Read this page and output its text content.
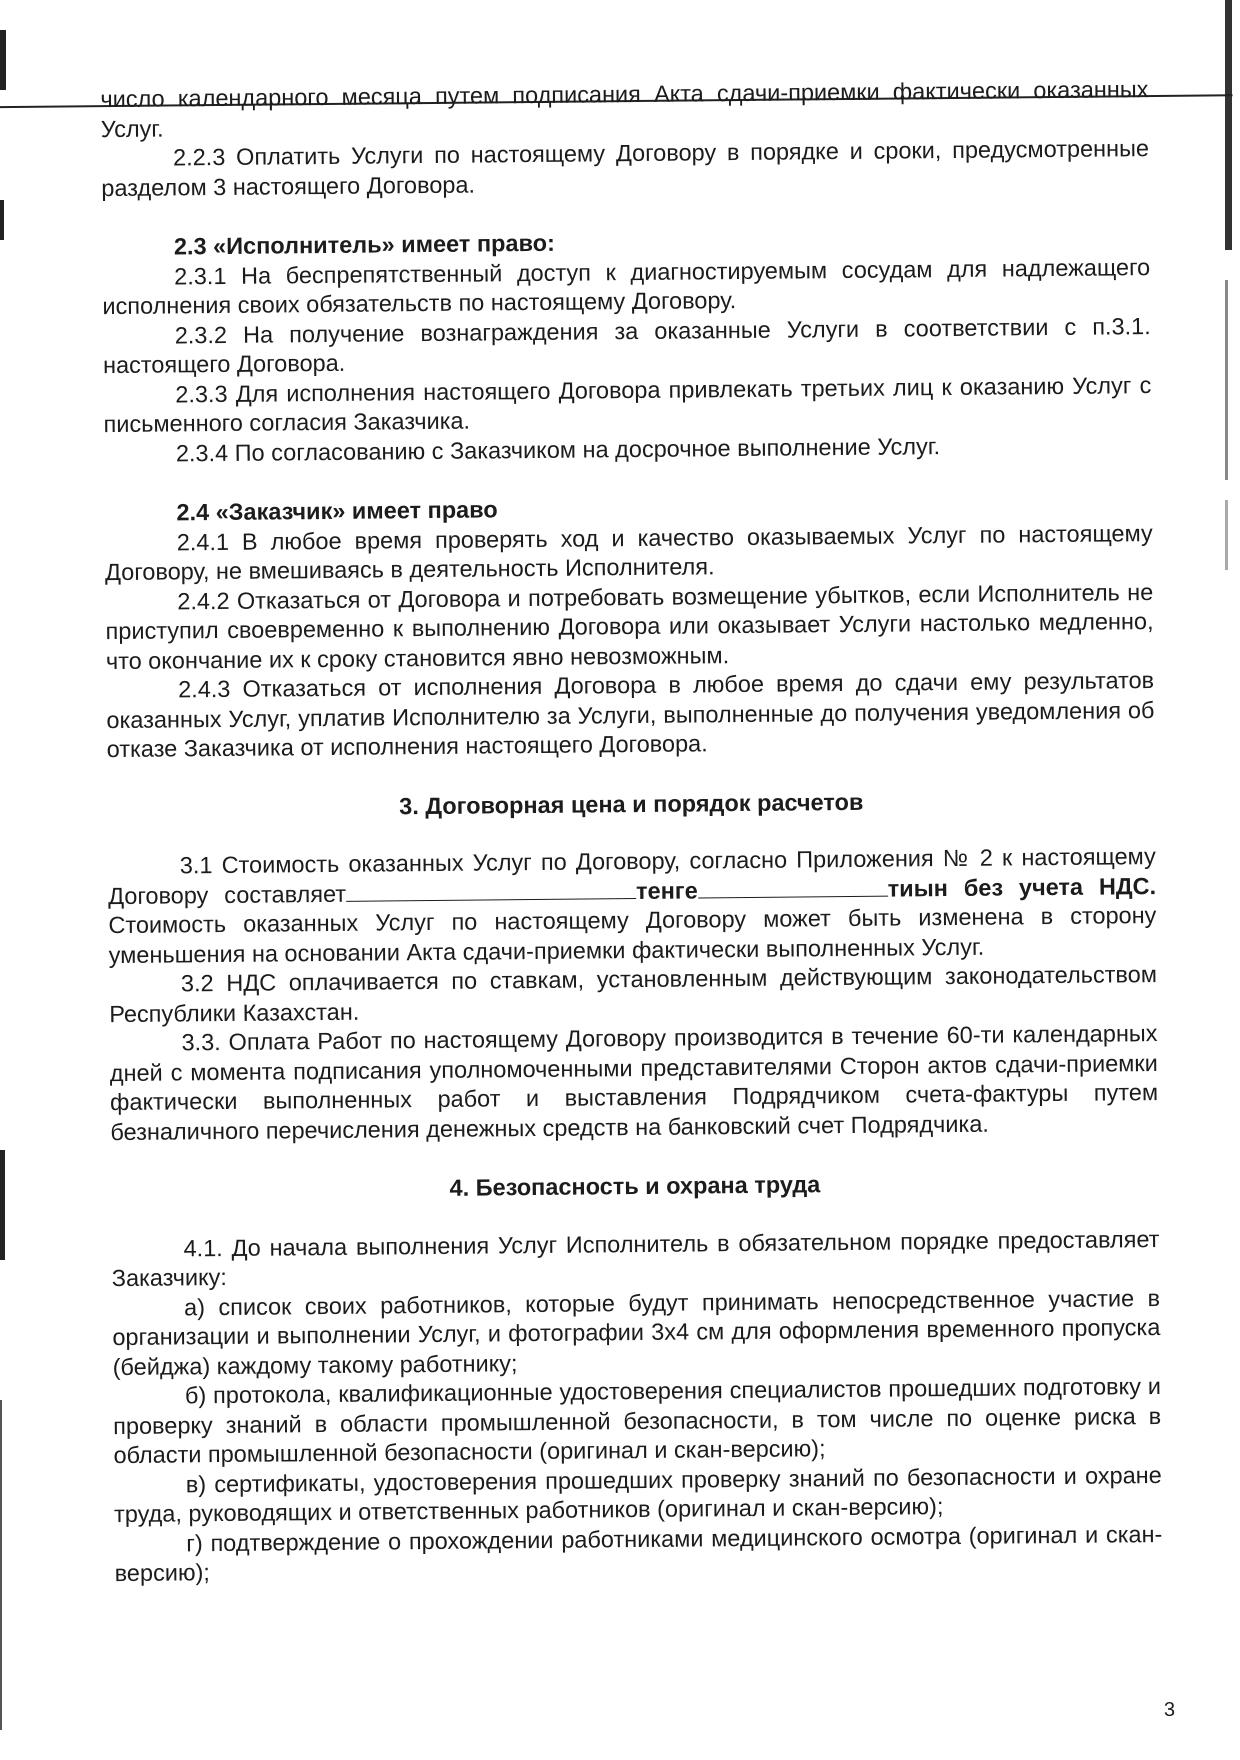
число календарного месяца путем подписания Акта сдачи-приемки фактически оказанных Услуг.

2.2.3 Оплатить Услуги по настоящему Договору в порядке и сроки, предусмотренные разделом 3 настоящего Договора.

2.3 «Исполнитель» имеет право:

2.3.1 На беспрепятственный доступ к диагностируемым сосудам для надлежащего исполнения своих обязательств по настоящему Договору.

2.3.2 На получение вознаграждения за оказанные Услуги в соответствии с п.3.1. настоящего Договора.

2.3.3 Для исполнения настоящего Договора привлекать третьих лиц к оказанию Услуг с письменного согласия Заказчика.

2.3.4 По согласованию с Заказчиком на досрочное выполнение Услуг.

2.4 «Заказчик» имеет право

2.4.1 В любое время проверять ход и качество оказываемых Услуг по настоящему Договору, не вмешиваясь в деятельность Исполнителя.

2.4.2 Отказаться от Договора и потребовать возмещение убытков, если Исполнитель не приступил своевременно к выполнению Договора или оказывает Услуги настолько медленно, что окончание их к сроку становится явно невозможным.

2.4.3 Отказаться от исполнения Договора в любое время до сдачи ему результатов оказанных Услуг, уплатив Исполнителю за Услуги, выполненные до получения уведомления об отказе Заказчика от исполнения настоящего Договора.

3. Договорная цена и порядок расчетов

3.1 Стоимость оказанных Услуг по Договору, согласно Приложения № 2 к настоящему Договору составляет	тенге	тиын без учета НДС. Стоимость оказанных Услуг по настоящему Договору может быть изменена в сторону уменьшения на основании Акта сдачи-приемки фактически выполненных Услуг.

3.2 НДС оплачивается по ставкам, установленным действующим законодательством Республики Казахстан.

3.3. Оплата Работ по настоящему Договору производится в течение 60-ти календарных дней с момента подписания уполномоченными представителями Сторон актов сдачи-приемки фактически выполненных работ и выставления Подрядчиком счета-фактуры путем безналичного перечисления денежных средств на банковский счет Подрядчика.

4. Безопасность и охрана труда

4.1. До начала выполнения Услуг Исполнитель в обязательном порядке предоставляет Заказчику:

а) список своих работников, которые будут принимать непосредственное участие в организации и выполнении Услуг, и фотографии 3х4 см для оформления временного пропуска (бейджа) каждому такому работнику;

б) протокола, квалификационные удостоверения специалистов прошедших подготовку и проверку знаний в области промышленной безопасности, в том числе по оценке риска в области промышленной безопасности (оригинал и скан-версию);

в) сертификаты, удостоверения прошедших проверку знаний по безопасности и охране труда, руководящих и ответственных работников (оригинал и скан-версию);

г) подтверждение о прохождении работниками медицинского осмотра (оригинал и скан-версию);

3
